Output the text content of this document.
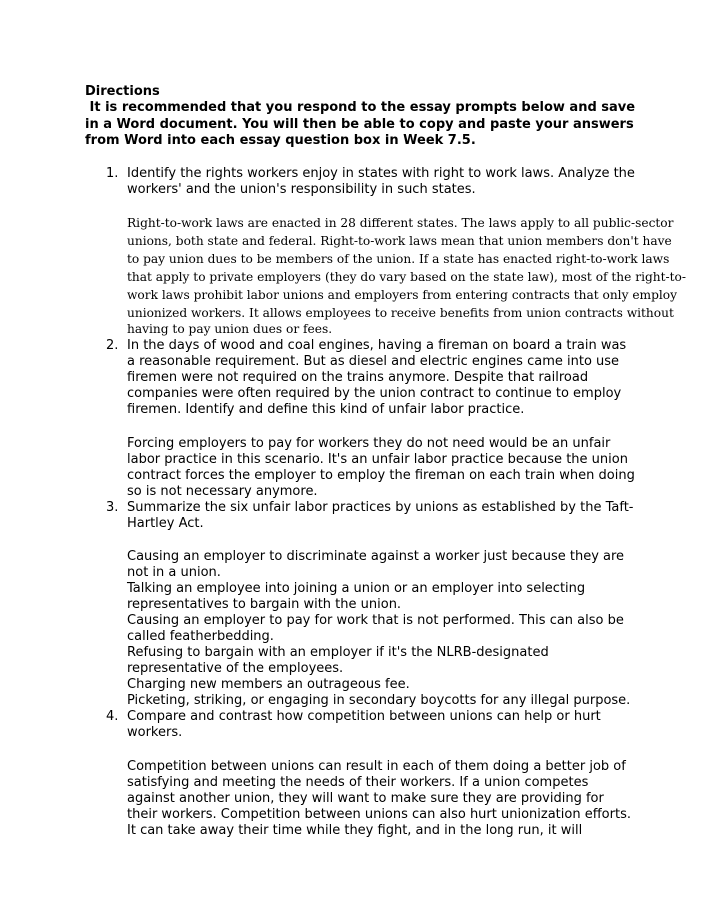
Directions
It is recommended that you respond to the essay prompts below and save
in a Word document. You will then be able to copy and paste your answers
from Word into each essay question box in Week 7.5.
1. Identify the rights workers enjoy in states with right to work laws. Analyze the
workers' and the union's responsibility in such states.
Right-to-work laws are enacted in 28 different states. The laws apply to all public-sector
unions, both state and federal. Right-to-work laws mean that union members don't have
to pay union dues to be members of the union. If a state has enacted right-to-work laws
that apply to private employers (they do vary based on the state law), most of the right-to-
work laws prohibit labor unions and employers from entering contracts that only employ
unionized workers. It allows employees to receive benefits from union contracts without
having to pay union dues or fees.
2. In the days of wood and coal engines, having a fireman on board a train was
a reasonable requirement. But as diesel and electric engines came into use
firemen were not required on the trains anymore. Despite that railroad
companies were often required by the union contract to continue to employ
firemen. Identify and define this kind of unfair labor practice.
Forcing employers to pay for workers they do not need would be an unfair
labor practice in this scenario. It's an unfair labor practice because the union
contract forces the employer to employ the fireman on each train when doing
so is not necessary anymore.
3. Summarize the six unfair labor practices by unions as established by the Taft-
Hartley Act.
Causing an employer to discriminate against a worker just because they are
not in a union.
Talking an employee into joining a union or an employer into selecting
representatives to bargain with the union.
Causing an employer to pay for work that is not performed. This can also be
called featherbedding.
Refusing to bargain with an employer if it's the NLRB-designated
representative of the employees.
Charging new members an outrageous fee.
Picketing, striking, or engaging in secondary boycotts for any illegal purpose.
4. Compare and contrast how competition between unions can help or hurt
workers.
Competition between unions can result in each of them doing a better job of
satisfying and meeting the needs of their workers. If a union competes
against another union, they will want to make sure they are providing for
their workers. Competition between unions can also hurt unionization efforts.
It can take away their time while they fight, and in the long run, it will
